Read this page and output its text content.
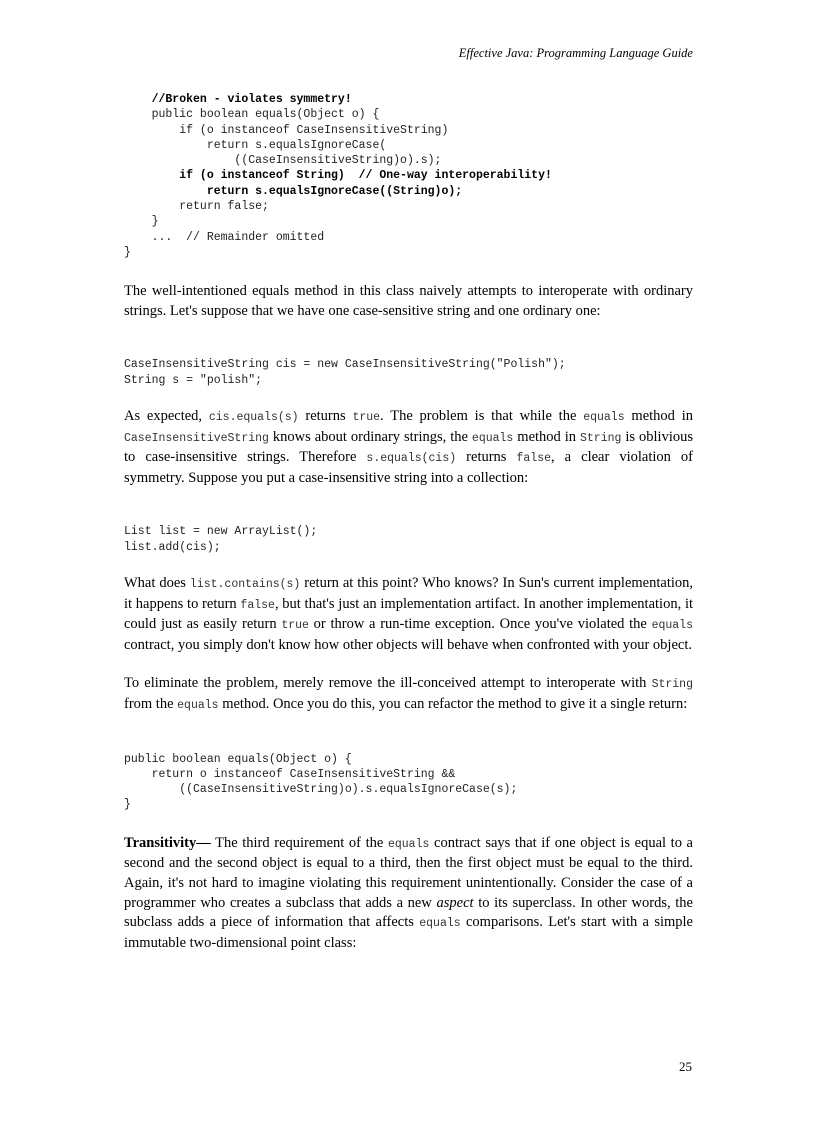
Effective Java: Programming Language Guide
//Broken - violates symmetry!
public boolean equals(Object o) {
if (o instanceof CaseInsensitiveString)
return s.equalsIgnoreCase(
((CaseInsensitiveString)o).s);
if (o instanceof String)  // One-way interoperability!
return s.equalsIgnoreCase((String)o);
return false;
}
...  // Remainder omitted
}

The well-intentioned equals method in this class naively attempts to interoperate with ordinary strings. Let's suppose that we have one case-sensitive string and one ordinary one:

CaseInsensitiveString cis = new CaseInsensitiveString("Polish");
String s = "polish";

As expected, cis.equals(s) returns true. The problem is that while the equals method in CaseInsensitiveString knows about ordinary strings, the equals method in String is oblivious to case-insensitive strings. Therefore s.equals(cis) returns false, a clear violation of symmetry. Suppose you put a case-insensitive string into a collection:

List list = new ArrayList();
list.add(cis);

What does list.contains(s) return at this point? Who knows? In Sun's current implementation, it happens to return false, but that's just an implementation artifact. In another implementation, it could just as easily return true or throw a run-time exception. Once you've violated the equals contract, you simply don't know how other objects will behave when confronted with your object.

To eliminate the problem, merely remove the ill-conceived attempt to interoperate with String from the equals method. Once you do this, you can refactor the method to give it a single return:

public boolean equals(Object o) {
return o instanceof CaseInsensitiveString &&
((CaseInsensitiveString)o).s.equalsIgnoreCase(s);
}

Transitivity— The third requirement of the equals contract says that if one object is equal to a second and the second object is equal to a third, then the first object must be equal to the third. Again, it's not hard to imagine violating this requirement unintentionally. Consider the case of a programmer who creates a subclass that adds a new aspect to its superclass. In other words, the subclass adds a piece of information that affects equals comparisons. Let's start with a simple immutable two-dimensional point class:

25
